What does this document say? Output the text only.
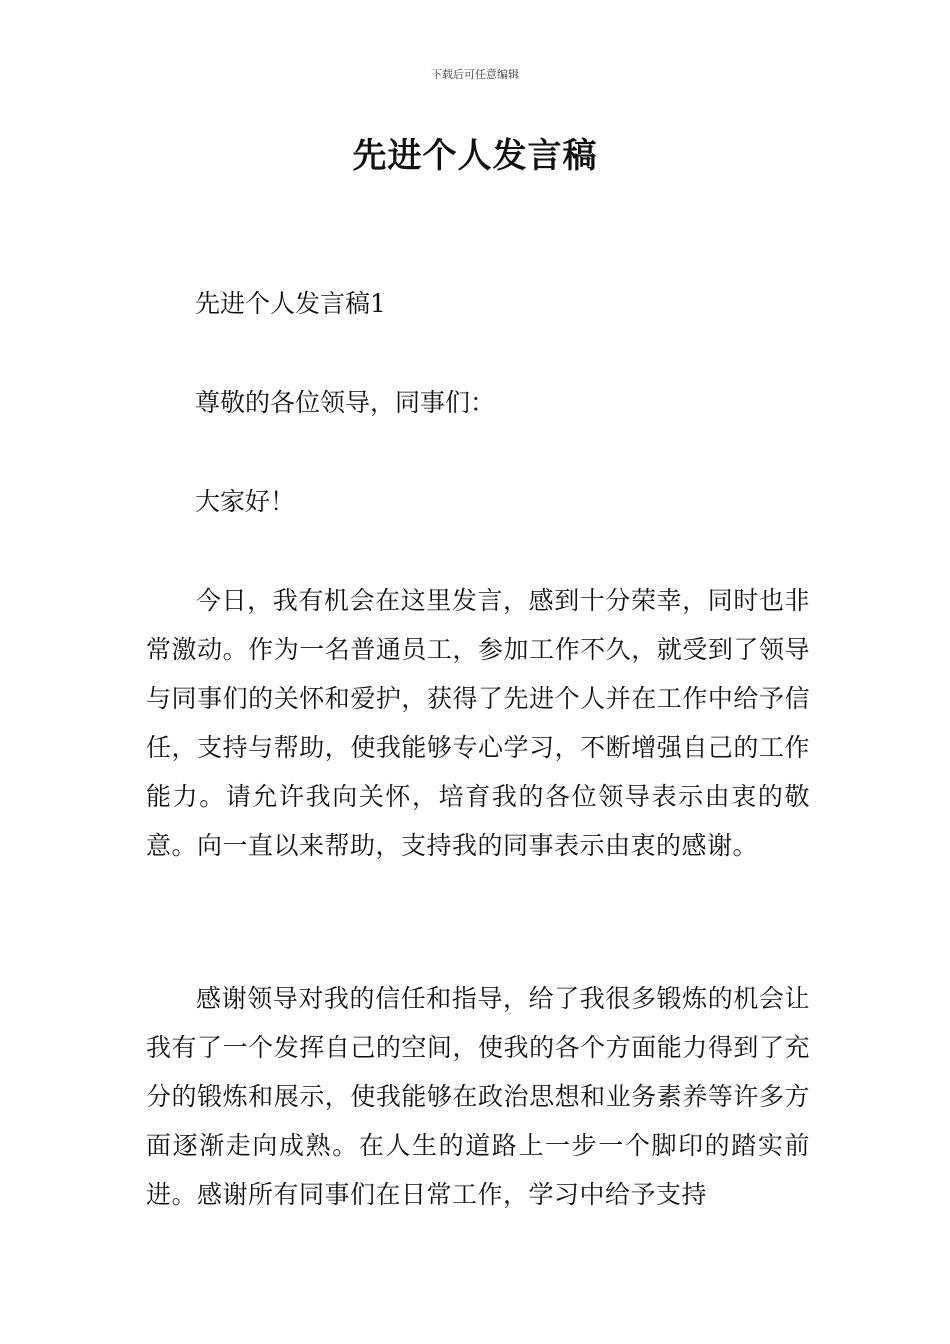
下载后可任意编辑
先进个人发言稿
先进个人发言稿1
尊敬的各位领导，同事们：
大家好！
今日，我有机会在这里发言，感到十分荣幸，同时也非常激动。作为一名普通员工，参加工作不久，就受到了领导与同事们的关怀和爱护，获得了先进个人并在工作中给予信任，支持与帮助，使我能够专心学习，不断增强自己的工作能力。请允许我向关怀，培育我的各位领导表示由衷的敬意。向一直以来帮助，支持我的同事表示由衷的感谢。
感谢领导对我的信任和指导，给了我很多锻炼的机会让我有了一个发挥自己的空间，使我的各个方面能力得到了充分的锻炼和展示，使我能够在政治思想和业务素养等许多方面逐渐走向成熟。在人生的道路上一步一个脚印的踏实前进。感谢所有同事们在日常工作，学习中给予支持
